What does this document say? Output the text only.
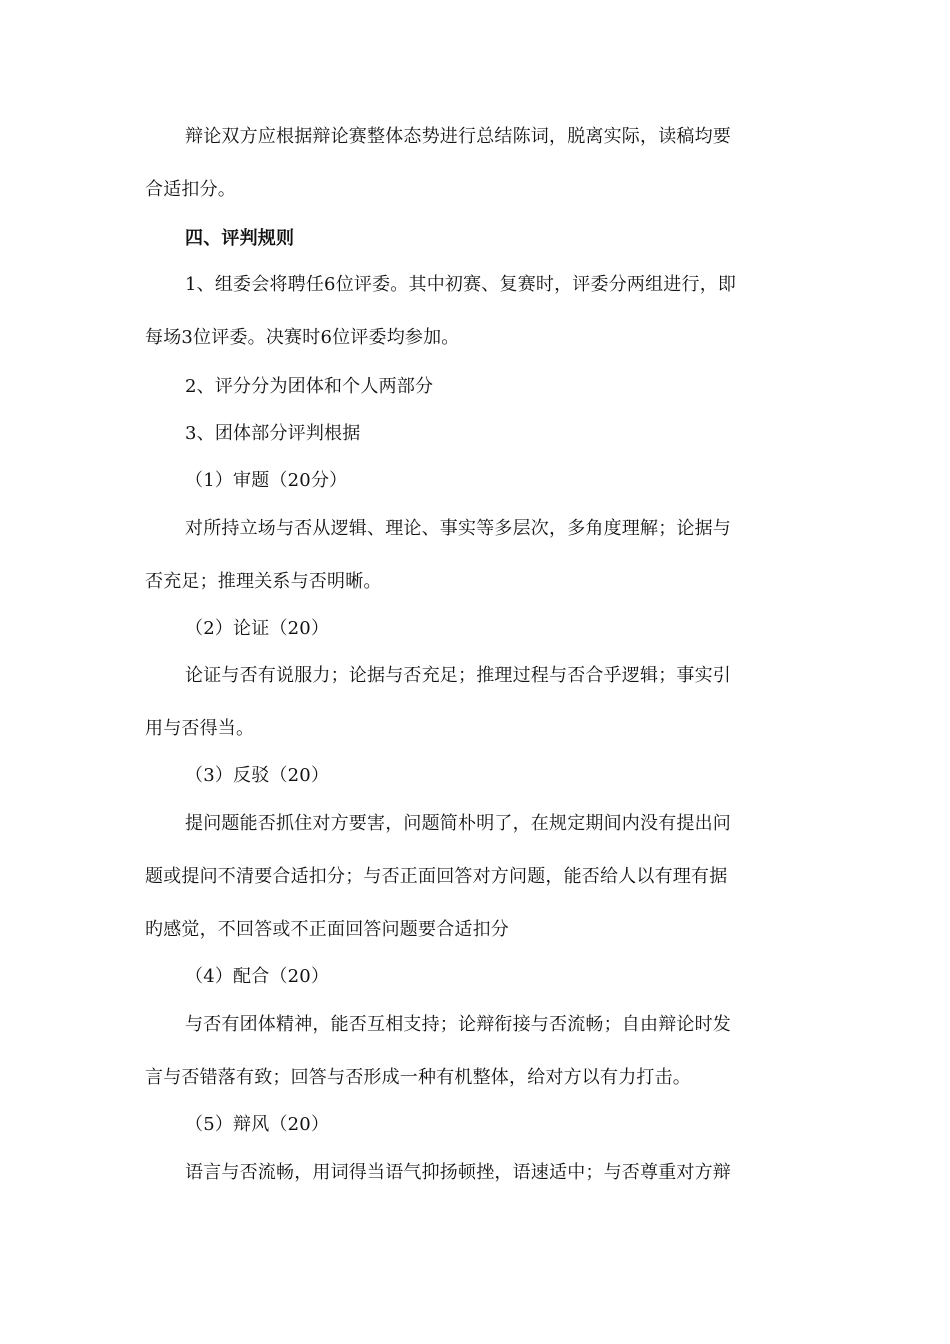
辩论双方应根据辩论赛整体态势进行总结陈词，脱离实际，读稿均要
合适扣分。
四、评判规则
1、组委会将聘任6位评委。其中初赛、复赛时，评委分两组进行，即
每场3位评委。决赛时6位评委均参加。
2、评分分为团体和个人两部分
3、团体部分评判根据
（1）审题（20分）
对所持立场与否从逻辑、理论、事实等多层次，多角度理解；论据与
否充足；推理关系与否明晰。
（2）论证（20）
论证与否有说服力；论据与否充足；推理过程与否合乎逻辑；事实引
用与否得当。
（3）反驳（20）
提问题能否抓住对方要害，问题简朴明了，在规定期间内没有提出问
题或提问不清要合适扣分；与否正面回答对方问题，能否给人以有理有据
旳感觉，不回答或不正面回答问题要合适扣分
（4）配合（20）
与否有团体精神，能否互相支持；论辩衔接与否流畅；自由辩论时发
言与否错落有致；回答与否形成一种有机整体，给对方以有力打击。
（5）辩风（20）
语言与否流畅，用词得当语气抑扬顿挫，语速适中；与否尊重对方辩
